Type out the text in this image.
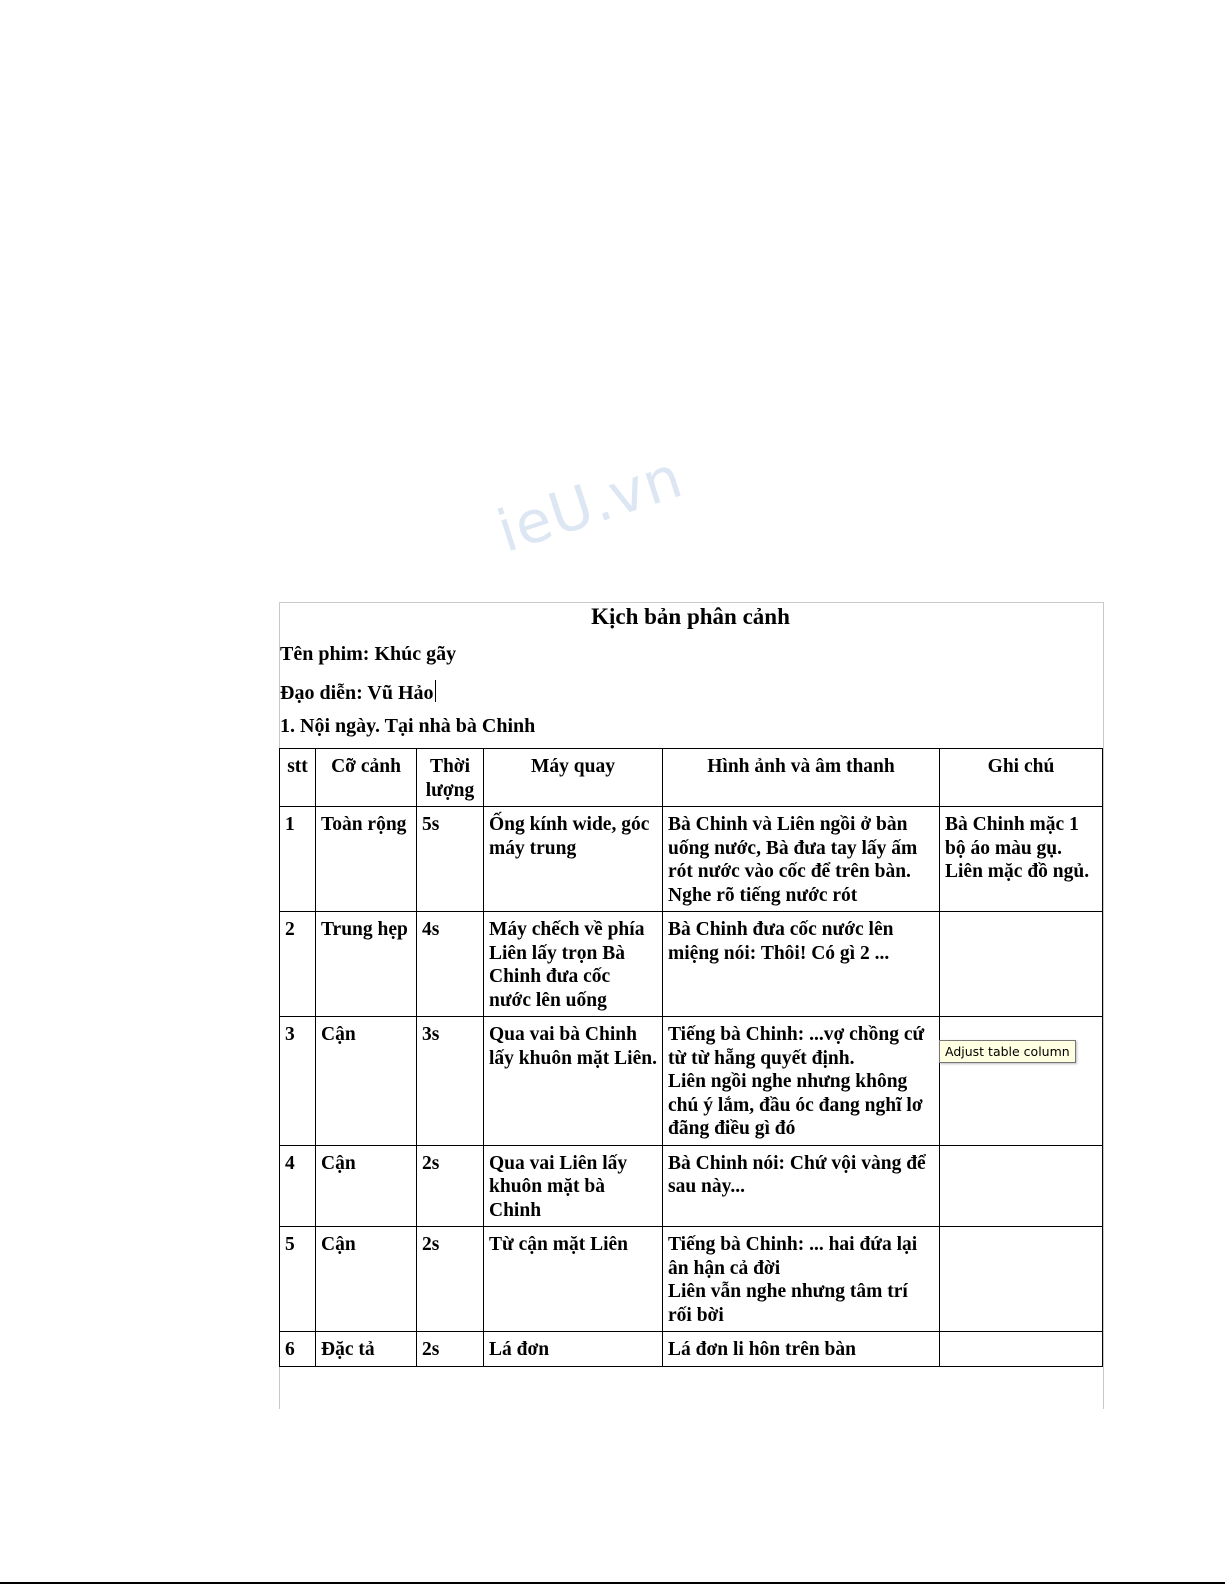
ieU.vn
Kịch bản phân cảnh
Tên phim: Khúc gãy
Đạo diễn: Vũ Hảo
1. Nội ngày. Tại nhà bà Chinh
stt	Cỡ cảnh	Thời lượng	Máy quay	Hình ảnh và âm thanh	Ghi chú
1	Toàn rộng	5s	Ống kính wide, góc máy trung	Bà Chinh và Liên ngồi ở bàn uống nước, Bà đưa tay lấy ấm rót nước vào cốc để trên bàn. Nghe rõ tiếng nước rót	Bà Chinh mặc 1 bộ áo màu gụ. Liên mặc đồ ngủ.
2	Trung hẹp	4s	Máy chếch về phía Liên lấy trọn Bà Chinh đưa cốc nước lên uống	Bà Chinh đưa cốc nước lên miệng nói: Thôi! Có gì 2 ...	
3	Cận	3s	Qua vai bà Chinh lấy khuôn mặt Liên.	Tiếng bà Chinh: ...vợ chồng cứ từ từ hẵng quyết định.
Liên ngồi nghe nhưng không chú ý lắm, đầu óc đang nghĩ lơ đãng điều gì đó	
4	Cận	2s	Qua vai Liên lấy khuôn mặt bà Chinh	Bà Chinh nói: Chứ vội vàng để sau này...	
5	Cận	2s	Từ cận mặt Liên	Tiếng bà Chinh: ... hai đứa lại ân hận cả đời
Liên vẫn nghe nhưng tâm trí rối bời	
6	Đặc tả	2s	Lá đơn	Lá đơn li hôn trên bàn	
Adjust table column
